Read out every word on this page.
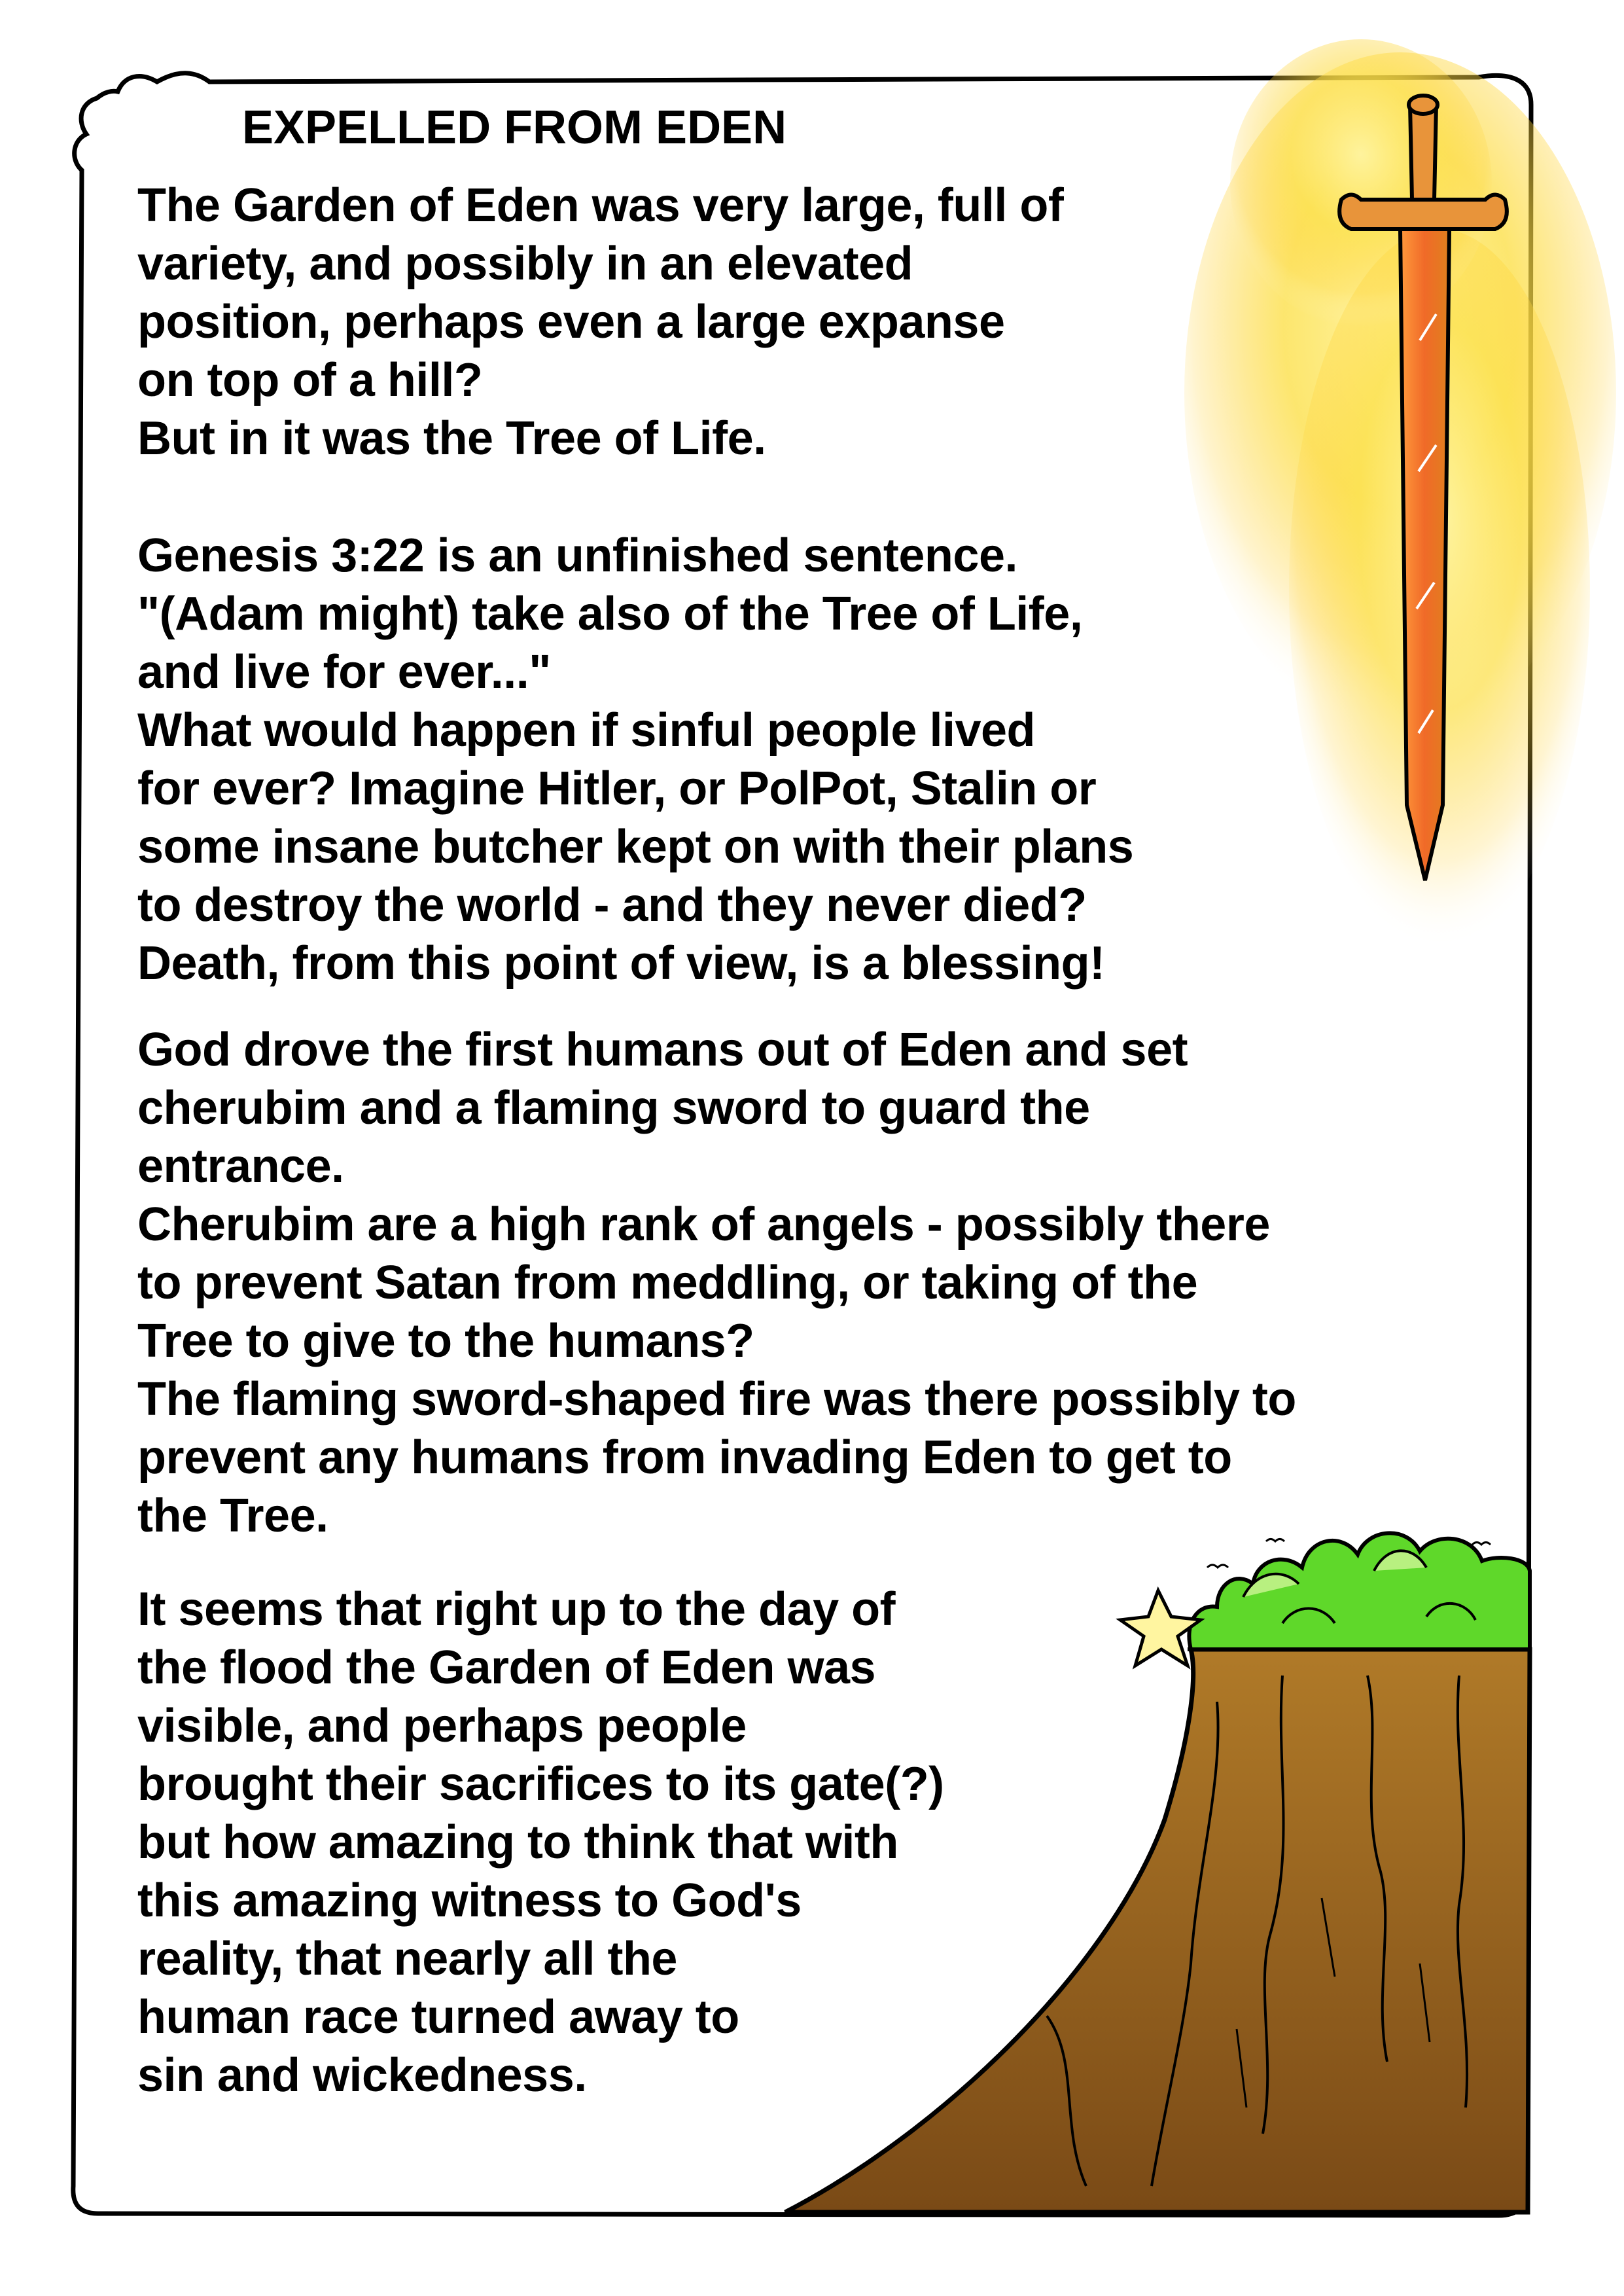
EXPELLED FROM EDEN
The Garden of Eden was very large, full of
variety, and possibly in an elevated
position, perhaps even a large expanse
on top of a hill?
But in it was the Tree of Life.
Genesis 3:22 is an unfinished sentence.
"(Adam might) take also of the Tree of Life,
and live for ever..."
What would happen if sinful people lived
for ever? Imagine Hitler, or PolPot, Stalin or
some insane butcher kept on with their plans
to destroy the world - and they never died?
Death, from this point of view, is a blessing!
God drove the first humans out of Eden and set
cherubim and a flaming sword to guard the
entrance.
Cherubim are a high rank of angels - possibly there
to prevent Satan from meddling, or taking of the
Tree to give to the humans?
The flaming sword-shaped fire was there possibly to
prevent any humans from invading Eden to get to
the Tree.
It seems that right up to the day of
the flood the Garden of Eden was
visible, and perhaps people
brought their sacrifices to its gate(?)
but how amazing to think that with
this amazing witness to God's
reality, that nearly all the
human race turned away to
sin and wickedness.
